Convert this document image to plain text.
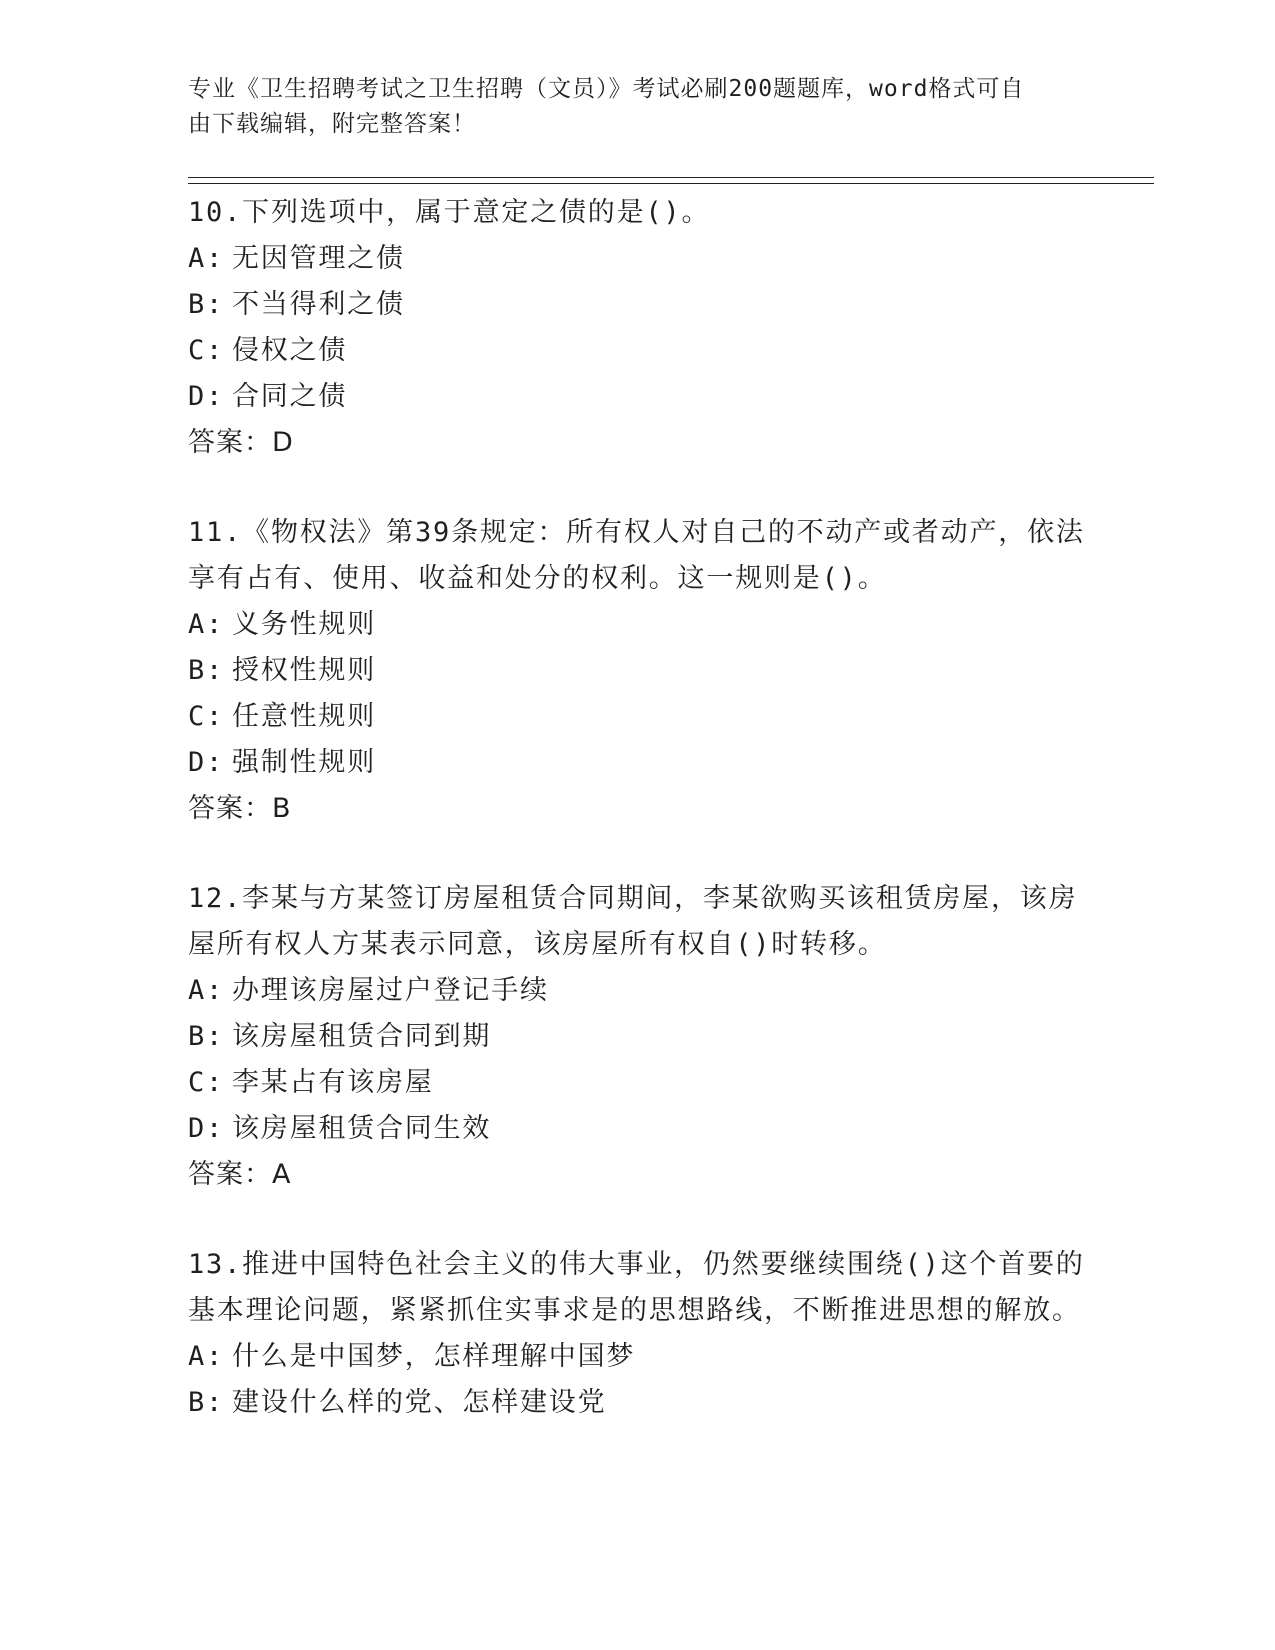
专业《卫生招聘考试之卫生招聘（文员）》考试必刷200题题库，word格式可自
由下载编辑，附完整答案！
10.下列选项中，属于意定之债的是()。
A: 无因管理之债
B: 不当得利之债
C: 侵权之债
D: 合同之债
答案：D
11.《物权法》第39条规定：所有权人对自己的不动产或者动产，依法享有占有、使用、收益和处分的权利。这一规则是()。
A: 义务性规则
B: 授权性规则
C: 任意性规则
D: 强制性规则
答案：B
12.李某与方某签订房屋租赁合同期间，李某欲购买该租赁房屋，该房屋所有权人方某表示同意，该房屋所有权自()时转移。
A: 办理该房屋过户登记手续
B: 该房屋租赁合同到期
C: 李某占有该房屋
D: 该房屋租赁合同生效
答案：A
13.推进中国特色社会主义的伟大事业，仍然要继续围绕()这个首要的基本理论问题，紧紧抓住实事求是的思想路线，不断推进思想的解放。
A: 什么是中国梦，怎样理解中国梦
B: 建设什么样的党、怎样建设党
